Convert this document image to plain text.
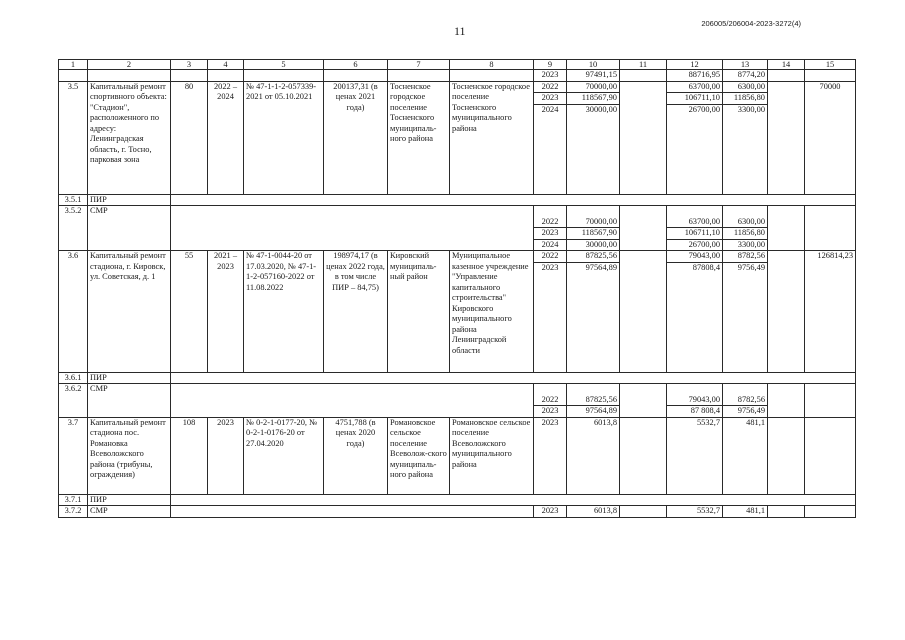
11
206005/206004-2023-3272(4)
1	2	3	4	5	6	7	8	9	10	11	12	13	14	15
								2023	97491,15		88716,95	8774,20		
3.5	Капитальный ремонт спортивного объекта: "Стадион", расположенного по адресу: Ленинградская область, г. Тосно, парковая зона	80	2022 – 2024	№ 47-1-1-2-057339-2021 от 05.10.2021	200137,31 (в ценах 2021 года)	Тосненское городское поселение Тосненского муниципаль-ного района	Тосненское городское поселение Тосненского муниципального района	2022	70000,00		63700,00	6300,00		70000
								2023	118567,90		106711,10	11856,80		
								2024	30000,00		26700,00	3300,00		

3.5.1	ПИР													
3.5.2	СМР													
								2022	70000,00		63700,00	6300,00		
								2023	118567,90		106711,10	11856,80		
								2024	30000,00		26700,00	3300,00		
3.6	Капитальный ремонт стадиона, г. Кировск, ул. Советская, д. 1	55	2021 – 2023	№ 47-1-0044-20 от 17.03.2020, № 47-1-1-2-057160-2022 от 11.08.2022	198974,17 (в ценах 2022 года, в том числе ПИР – 84,75)	Кировский муниципаль-ный район	Муниципальное казенное учреждение "Управление капитального строительства" Кировского муниципального района Ленинградской области	2022	87825,56		79043,00	8782,56		126814,23
								2023	97564,89		87808,4	9756,49		

3.6.1	ПИР													
3.6.2	СМР													
								2022	87825,56		79043,00	8782,56		
								2023	97564,89		87 808,4	9756,49		
3.7	Капитальный ремонт стадиона пос. Романовка Всеволожского района (трибуны, ограждения)	108	2023	№ 0-2-1-0177-20, № 0-2-1-0176-20 от 27.04.2020	4751,788 (в ценах 2020 года)	Романовское сельское поселение Всеволож-ского муниципаль-ного района	Романовское сельское поселение Всеволожского муниципального района	2023	6013,8		5532,7	481,1		

3.7.1	ПИР													
3.7.2	СМР							2023	6013,8		5532,7	481,1		
